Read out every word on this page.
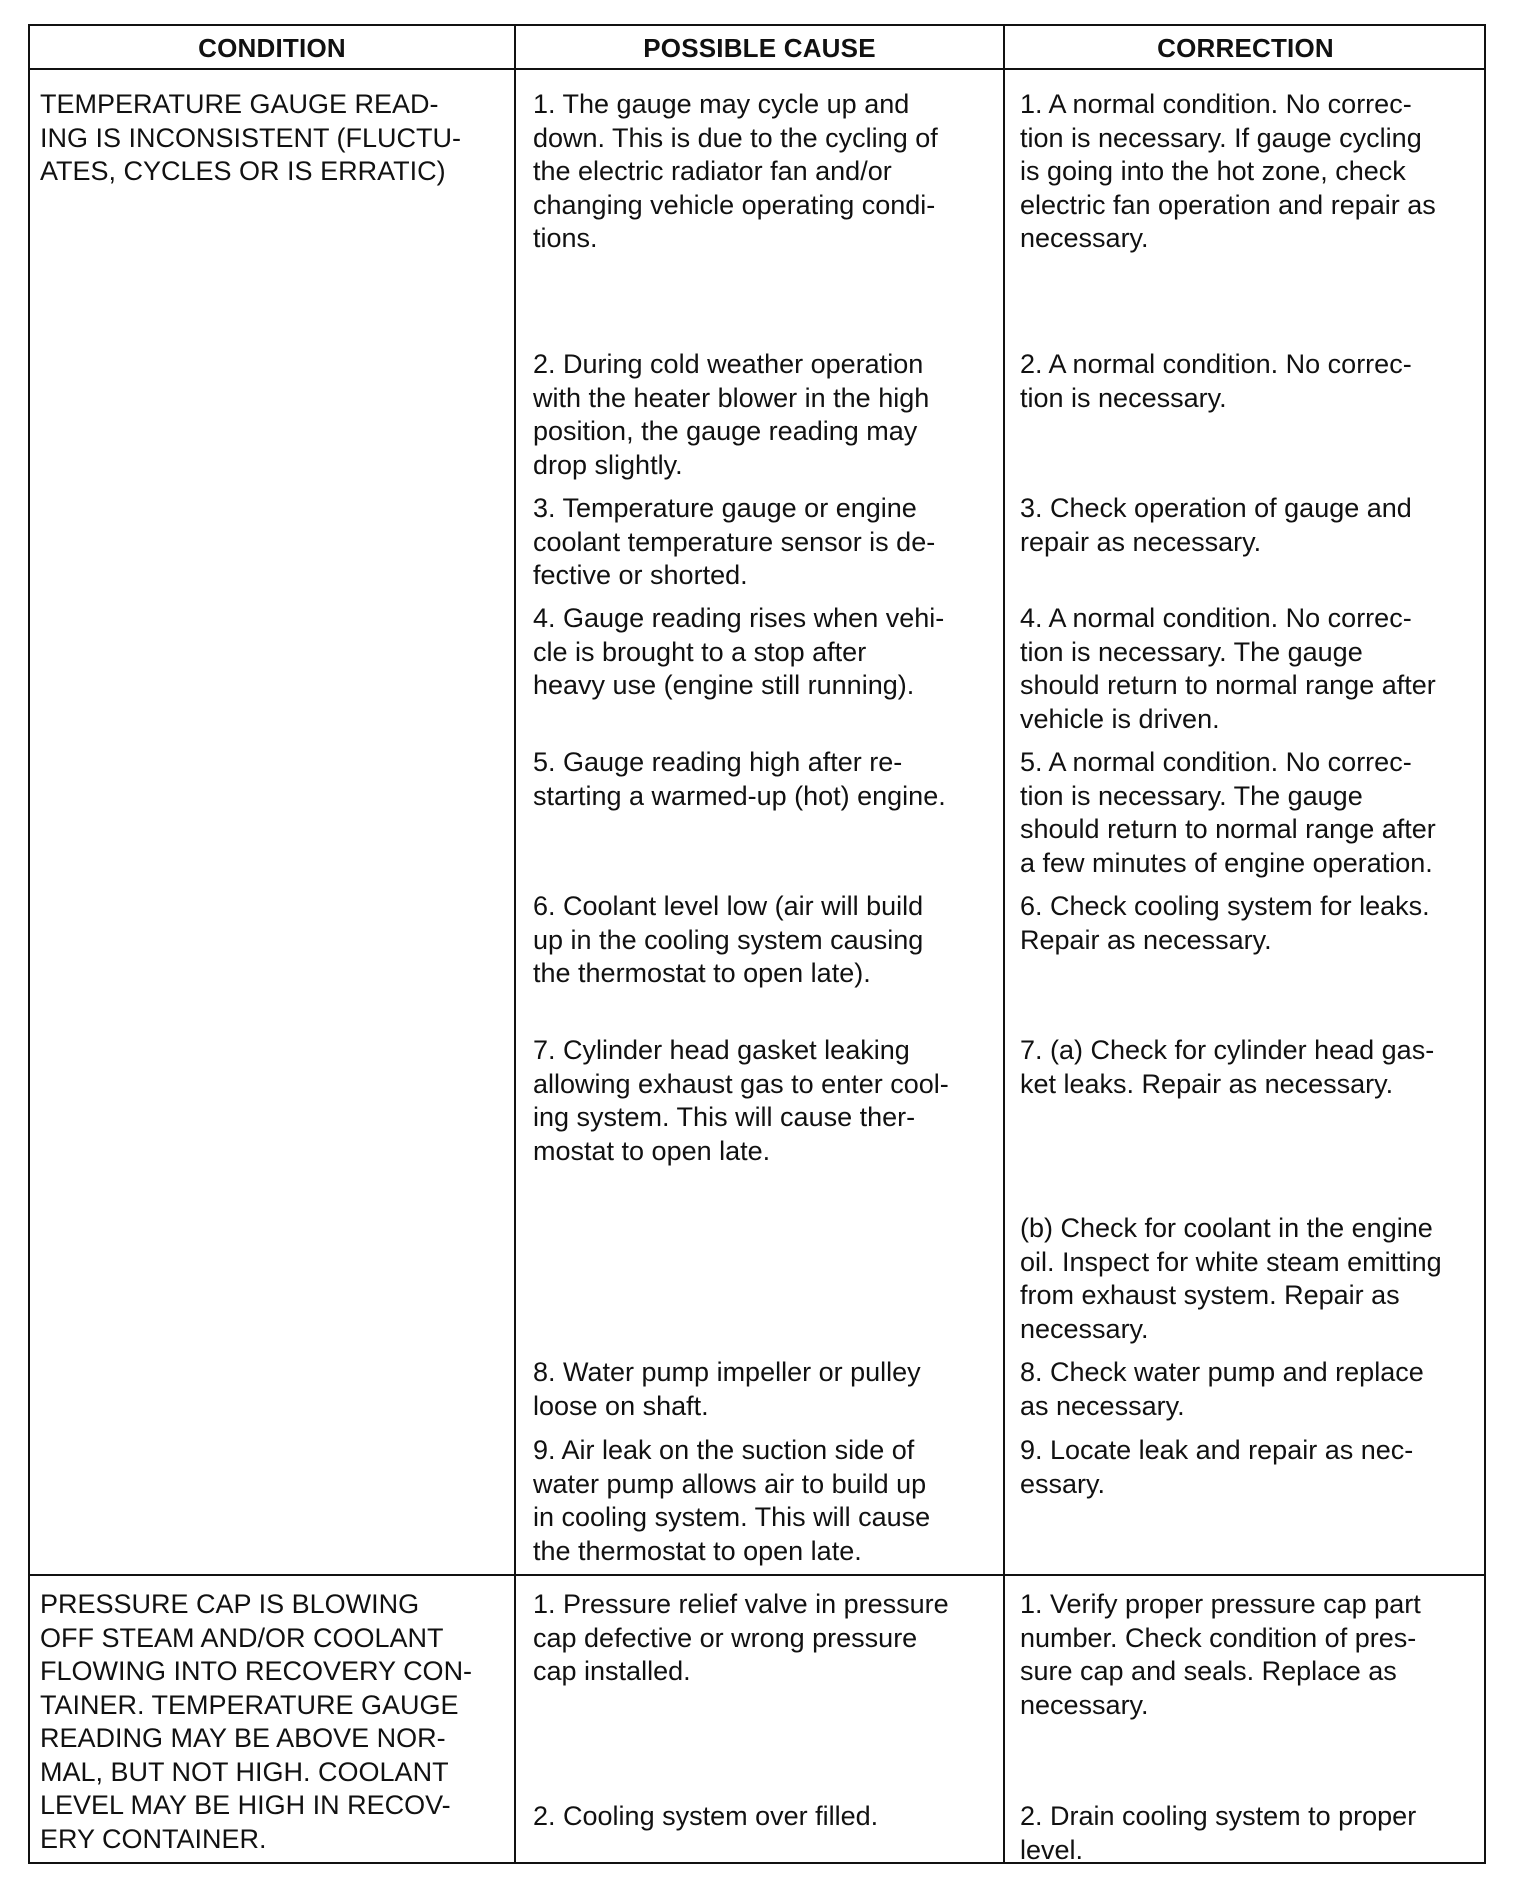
CONDITION	POSSIBLE CAUSE	CORRECTION
TEMPERATURE GAUGE READ-
ING IS INCONSISTENT (FLUCTU-
ATES, CYCLES OR IS ERRATIC)
1. The gauge may cycle up and
down. This is due to the cycling of
the electric radiator fan and/or
changing vehicle operating condi-
tions.
2. During cold weather operation
with the heater blower in the high
position, the gauge reading may
drop slightly.
3. Temperature gauge or engine
coolant temperature sensor is de-
fective or shorted.
4. Gauge reading rises when vehi-
cle is brought to a stop after
heavy use (engine still running).
5. Gauge reading high after re-
starting a warmed-up (hot) engine.
6. Coolant level low (air will build
up in the cooling system causing
the thermostat to open late).
7. Cylinder head gasket leaking
allowing exhaust gas to enter cool-
ing system. This will cause ther-
mostat to open late.
8. Water pump impeller or pulley
loose on shaft.
9. Air leak on the suction side of
water pump allows air to build up
in cooling system. This will cause
the thermostat to open late.
1. A normal condition. No correc-
tion is necessary. If gauge cycling
is going into the hot zone, check
electric fan operation and repair as
necessary.
2. A normal condition. No correc-
tion is necessary.
3. Check operation of gauge and
repair as necessary.
4. A normal condition. No correc-
tion is necessary. The gauge
should return to normal range after
vehicle is driven.
5. A normal condition. No correc-
tion is necessary. The gauge
should return to normal range after
a few minutes of engine operation.
6. Check cooling system for leaks.
Repair as necessary.
7. (a) Check for cylinder head gas-
ket leaks. Repair as necessary.
(b) Check for coolant in the engine
oil. Inspect for white steam emitting
from exhaust system. Repair as
necessary.
8. Check water pump and replace
as necessary.
9. Locate leak and repair as nec-
essary.
PRESSURE CAP IS BLOWING
OFF STEAM AND/OR COOLANT
FLOWING INTO RECOVERY CON-
TAINER. TEMPERATURE GAUGE
READING MAY BE ABOVE NOR-
MAL, BUT NOT HIGH. COOLANT
LEVEL MAY BE HIGH IN RECOV-
ERY CONTAINER.
1. Pressure relief valve in pressure
cap defective or wrong pressure
cap installed.
2. Cooling system over filled.
1. Verify proper pressure cap part
number. Check condition of pres-
sure cap and seals. Replace as
necessary.
2. Drain cooling system to proper
level.
